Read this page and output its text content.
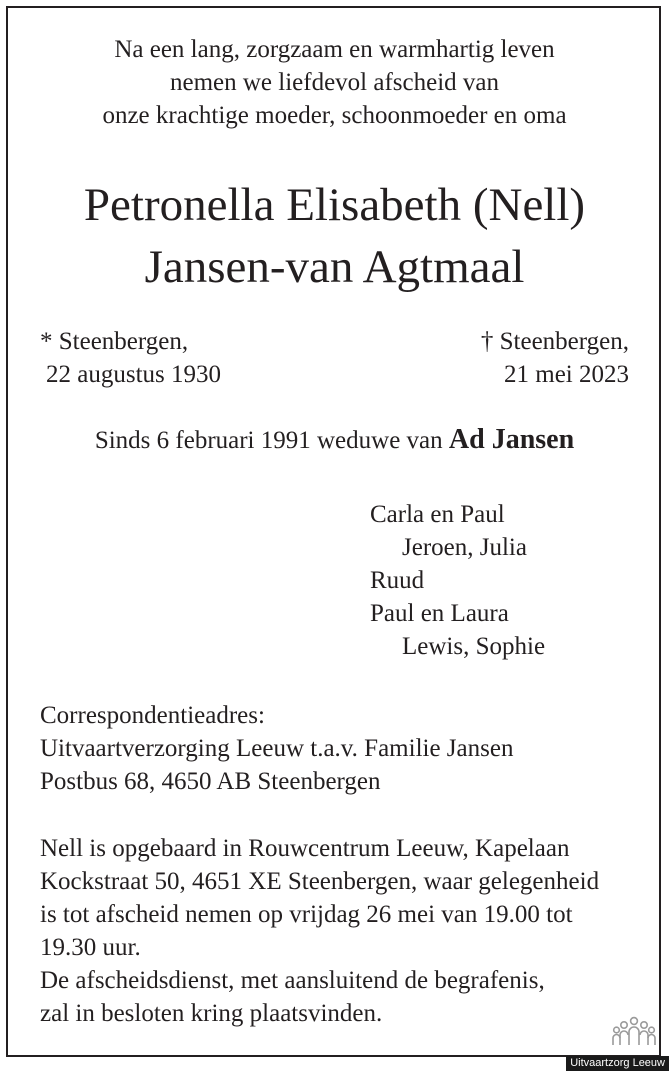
Na een lang, zorgzaam en warmhartig leven
nemen we liefdevol afscheid van
onze krachtige moeder, schoonmoeder en oma
Petronella Elisabeth (Nell)
Jansen-van Agtmaal
* Steenbergen,
22 augustus 1930
† Steenbergen,
21 mei 2023
Sinds 6 februari 1991 weduwe van Ad Jansen
Carla en Paul
Jeroen, Julia
Ruud
Paul en Laura
Lewis, Sophie
Correspondentieadres:
Uitvaartverzorging Leeuw t.a.v. Familie Jansen
Postbus 68, 4650 AB Steenbergen
Nell is opgebaard in Rouwcentrum Leeuw, Kapelaan
Kockstraat 50, 4651 XE Steenbergen, waar gelegenheid
is tot afscheid nemen op vrijdag 26 mei van 19.00 tot
19.30 uur.
De afscheidsdienst, met aansluitend de begrafenis,
zal in besloten kring plaatsvinden.
Uitvaartzorg Leeuw
